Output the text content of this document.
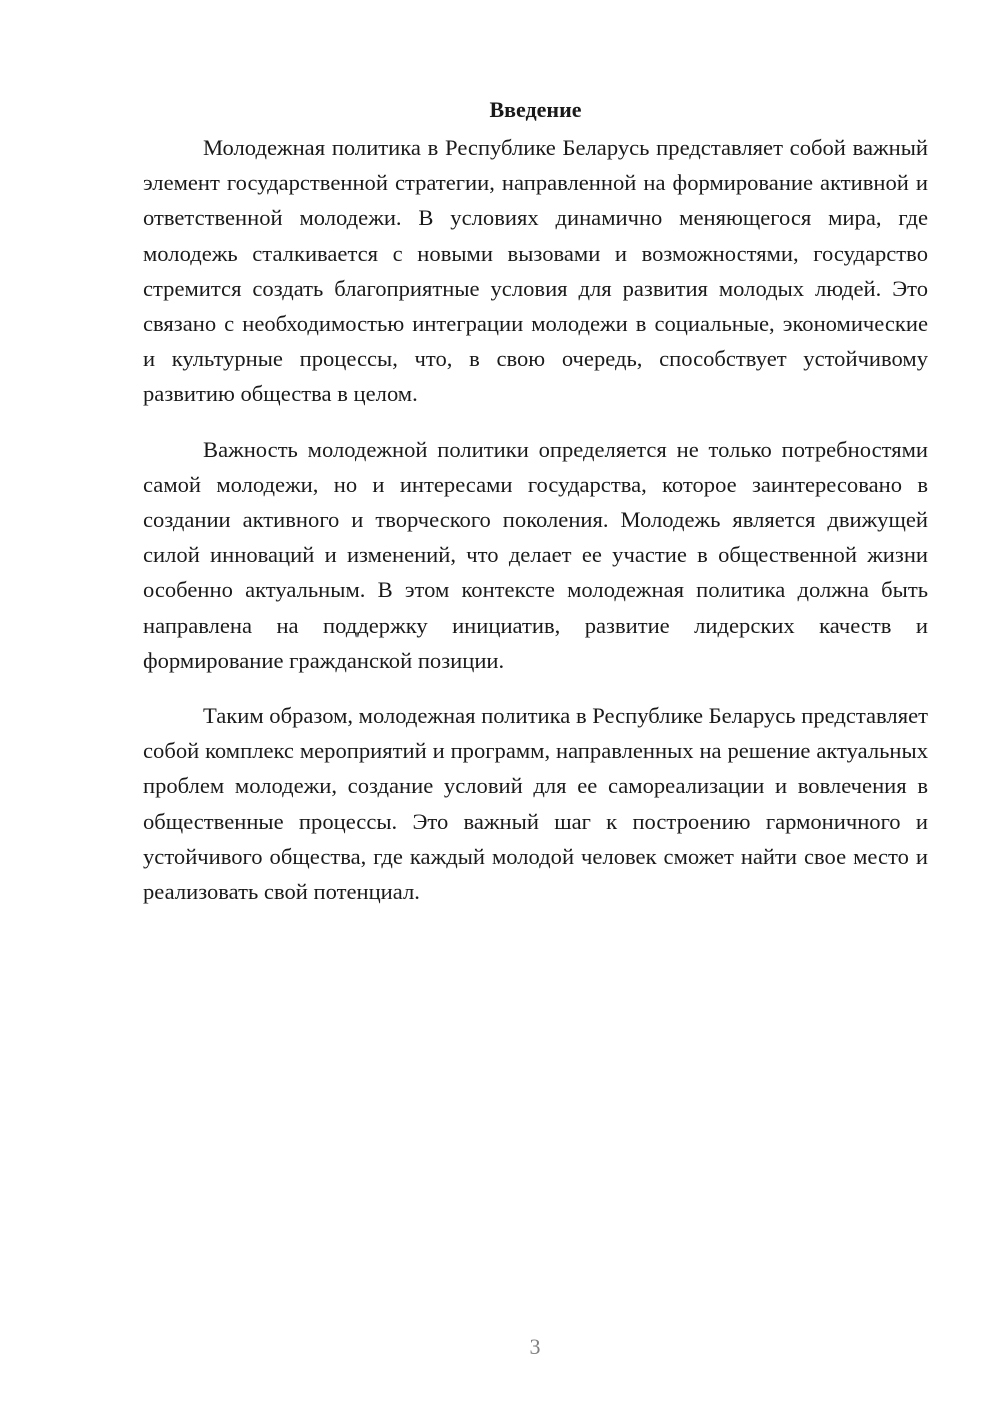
Введение

Молодежная политика в Республике Беларусь представляет собой важный элемент государственной стратегии, направленной на формирование активной и ответственной молодежи. В условиях динамично меняющегося мира, где молодежь сталкивается с новыми вызовами и возможностями, государство стремится создать благоприятные условия для развития молодых людей. Это связано с необходимостью интеграции молодежи в социальные, экономические и культурные процессы, что, в свою очередь, способствует устойчивому развитию общества в целом.

Важность молодежной политики определяется не только потребностями самой молодежи, но и интересами государства, которое заинтересовано в создании активного и творческого поколения. Молодежь является движущей силой инноваций и изменений, что делает ее участие в общественной жизни особенно актуальным. В этом контексте молодежная политика должна быть направлена на поддержку инициатив, развитие лидерских качеств и формирование гражданской позиции.

Таким образом, молодежная политика в Республике Беларусь представляет собой комплекс мероприятий и программ, направленных на решение актуальных проблем молодежи, создание условий для ее самореализации и вовлечения в общественные процессы. Это важный шаг к построению гармоничного и устойчивого общества, где каждый молодой человек сможет найти свое место и реализовать свой потенциал.

3
